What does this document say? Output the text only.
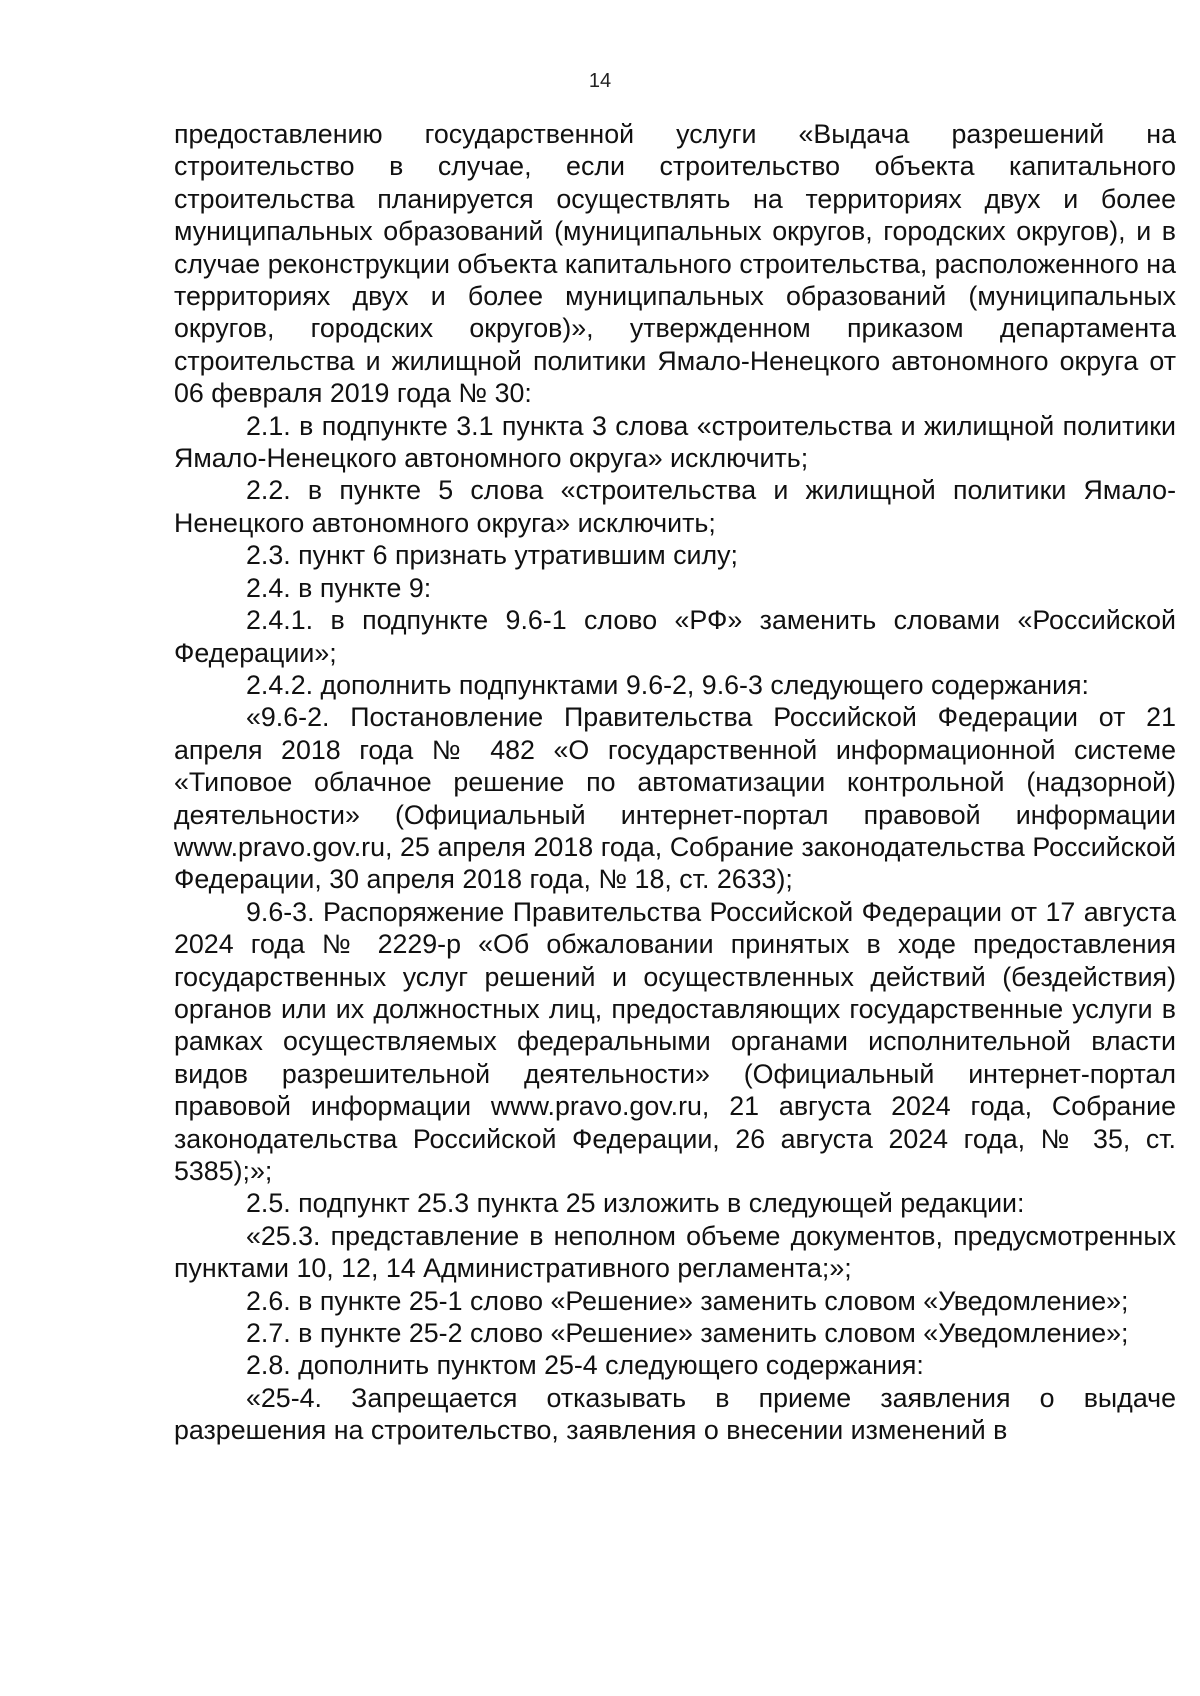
14

предоставлению государственной услуги «Выдача разрешений на строительство в случае, если строительство объекта капитального строительства планируется осуществлять на территориях двух и более муниципальных образований (муниципальных округов, городских округов), и в случае реконструкции объекта капитального строительства, расположенного на территориях двух и более муниципальных образований (муниципальных округов, городских округов)», утвержденном приказом департамента строительства и жилищной политики Ямало-Ненецкого автономного округа от 06 февраля 2019 года № 30:

2.1. в подпункте 3.1 пункта 3 слова «строительства и жилищной политики Ямало-Ненецкого автономного округа» исключить;

2.2. в пункте 5 слова «строительства и жилищной политики Ямало-Ненецкого автономного округа» исключить;

2.3. пункт 6 признать утратившим силу;

2.4. в пункте 9:

2.4.1. в подпункте 9.6-1 слово «РФ» заменить словами «Российской Федерации»;

2.4.2. дополнить подпунктами 9.6-2, 9.6-3 следующего содержания:

«9.6-2. Постановление Правительства Российской Федерации от 21 апреля 2018 года № 482 «О государственной информационной системе «Типовое облачное решение по автоматизации контрольной (надзорной) деятельности» (Официальный интернет-портал правовой информации www.pravo.gov.ru, 25 апреля 2018 года, Собрание законодательства Российской Федерации, 30 апреля 2018 года, № 18, ст. 2633);

9.6-3. Распоряжение Правительства Российской Федерации от 17 августа 2024 года № 2229-р «Об обжаловании принятых в ходе предоставления государственных услуг решений и осуществленных действий (бездействия) органов или их должностных лиц, предоставляющих государственные услуги в рамках осуществляемых федеральными органами исполнительной власти видов разрешительной деятельности» (Официальный интернет-портал правовой информации www.pravo.gov.ru, 21 августа 2024 года, Собрание законодательства Российской Федерации, 26 августа 2024 года, № 35, ст. 5385);»;

2.5. подпункт 25.3 пункта 25 изложить в следующей редакции:

«25.3. представление в неполном объеме документов, предусмотренных пунктами 10, 12, 14 Административного регламента;»;

2.6. в пункте 25-1 слово «Решение» заменить словом «Уведомление»;

2.7. в пункте 25-2 слово «Решение» заменить словом «Уведомление»;

2.8. дополнить пунктом 25-4 следующего содержания:

«25-4. Запрещается отказывать в приеме заявления о выдаче разрешения на строительство, заявления о внесении изменений в
